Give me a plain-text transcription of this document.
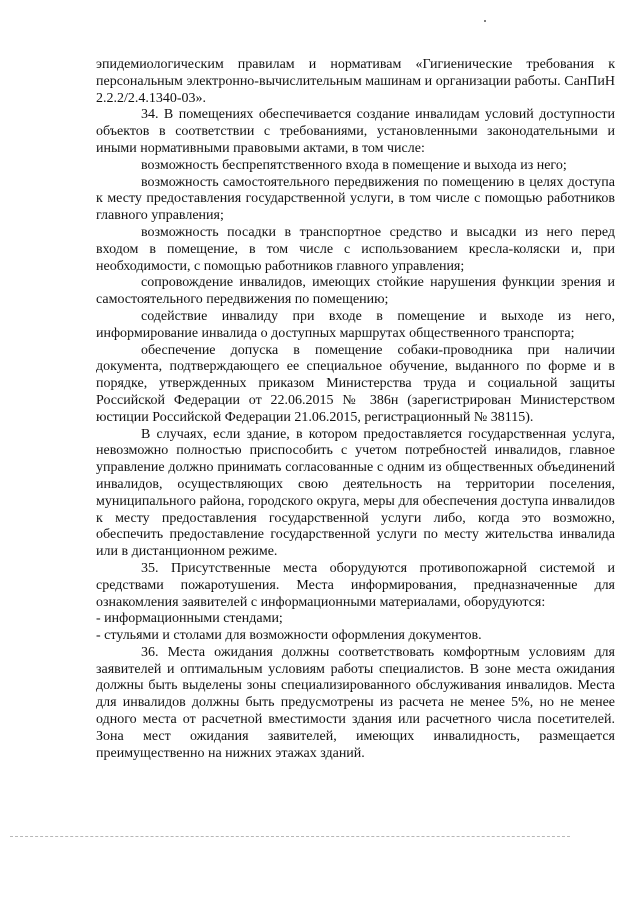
эпидемиологическим правилам и нормативам «Гигиенические требования к персональным электронно-вычислительным машинам и организации работы. СанПиН 2.2.2/2.4.1340-03».

34. В помещениях обеспечивается создание инвалидам условий доступности объектов в соответствии с требованиями, установленными законодательными и иными нормативными правовыми актами, в том числе:

возможность беспрепятственного входа в помещение и выхода из него;

возможность самостоятельного передвижения по помещению в целях доступа к месту предоставления государственной услуги, в том числе с помощью работников главного управления;

возможность посадки в транспортное средство и высадки из него перед входом в помещение, в том числе с использованием кресла-коляски и, при необходимости, с помощью работников главного управления;

сопровождение инвалидов, имеющих стойкие нарушения функции зрения и самостоятельного передвижения по помещению;

содействие инвалиду при входе в помещение и выходе из него, информирование инвалида о доступных маршрутах общественного транспорта;

обеспечение допуска в помещение собаки-проводника при наличии документа, подтверждающего ее специальное обучение, выданного по форме и в порядке, утвержденных приказом Министерства труда и социальной защиты Российской Федерации от 22.06.2015 № 386н (зарегистрирован Министерством юстиции Российской Федерации 21.06.2015, регистрационный № 38115).

В случаях, если здание, в котором предоставляется государственная услуга, невозможно полностью приспособить с учетом потребностей инвалидов, главное управление должно принимать согласованные с одним из общественных объединений инвалидов, осуществляющих свою деятельность на территории поселения, муниципального района, городского округа, меры для обеспечения доступа инвалидов к месту предоставления государственной услуги либо, когда это возможно, обеспечить предоставление государственной услуги по месту жительства инвалида или в дистанционном режиме.

35. Присутственные места оборудуются противопожарной системой и средствами пожаротушения. Места информирования, предназначенные для ознакомления заявителей с информационными материалами, оборудуются:

- информационными стендами;

- стульями и столами для возможности оформления документов.

36. Места ожидания должны соответствовать комфортным условиям для заявителей и оптимальным условиям работы специалистов. В зоне места ожидания должны быть выделены зоны специализированного обслуживания инвалидов. Места для инвалидов должны быть предусмотрены из расчета не менее 5%, но не менее одного места от расчетной вместимости здания или расчетного числа посетителей. Зона мест ожидания заявителей, имеющих инвалидность, размещается преимущественно на нижних этажах зданий.
